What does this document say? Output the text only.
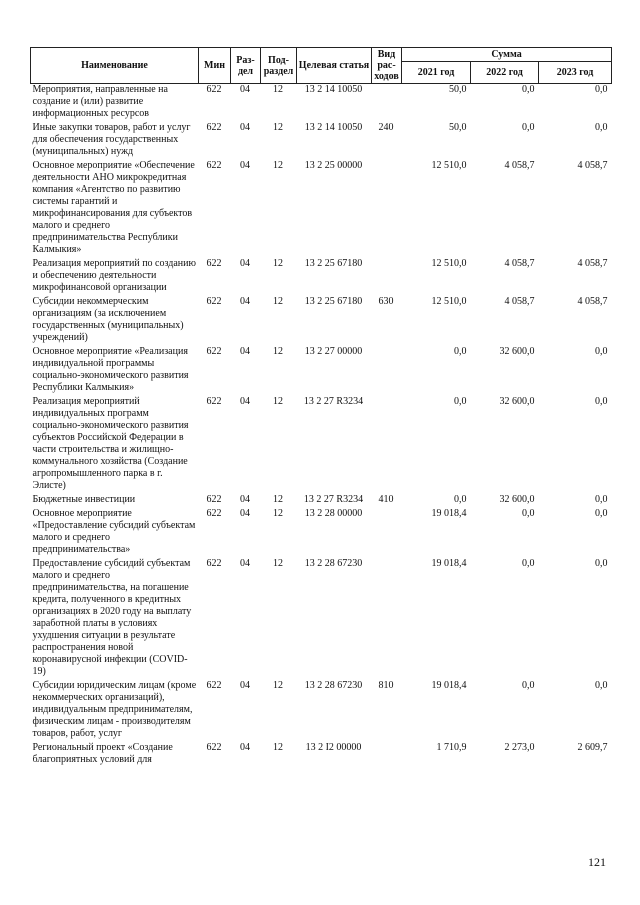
Наименование	Мин	Раз-дел	Под-раздел	Целевая статья	Вид рас-ходов	Сумма		
						2021 год	2022 год	2023 год
Мероприятия, направленные на создание и (или) развитие информационных ресурсов	622	04	12	13 2 14 10050		50,0	0,0	0,0
Иные закупки товаров, работ и услуг для обеспечения государственных (муниципальных) нужд	622	04	12	13 2 14 10050	240	50,0	0,0	0,0
Основное мероприятие «Обеспечение деятельности АНО микрокредитная компания «Агентство по развитию системы гарантий и микрофинансирования для субъектов малого и среднего предпринимательства Республики Калмыкия»	622	04	12	13 2 25 00000		12 510,0	4 058,7	4 058,7
Реализация мероприятий по созданию и обеспечению деятельности микрофинансовой организации	622	04	12	13 2 25 67180		12 510,0	4 058,7	4 058,7
Субсидии некоммерческим организациям (за исключением государственных (муниципальных) учреждений)	622	04	12	13 2 25 67180	630	12 510,0	4 058,7	4 058,7
Основное мероприятие «Реализация индивидуальной программы социально-экономического развития Республики Калмыкия»	622	04	12	13 2 27 00000		0,0	32 600,0	0,0
Реализация мероприятий индивидуальных программ социально-экономического развития субъектов Российской Федерации в части строительства и жилищно-коммунального хозяйства (Создание агропромышленного парка в г. Элисте)	622	04	12	13 2 27 R3234		0,0	32 600,0	0,0
Бюджетные инвестиции	622	04	12	13 2 27 R3234	410	0,0	32 600,0	0,0
Основное мероприятие «Предоставление субсидий субъектам малого и среднего предпринимательства»	622	04	12	13 2 28 00000		19 018,4	0,0	0,0
Предоставление субсидий субъектам малого и среднего предпринимательства, на погашение кредита, полученного в кредитных организациях в 2020 году на выплату заработной платы в условиях ухудшения ситуации в результате распространения новой коронавирусной инфекции (COVID-19)	622	04	12	13 2 28 67230		19 018,4	0,0	0,0
Субсидии юридическим лицам (кроме некоммерческих организаций), индивидуальным предпринимателям, физическим лицам - производителям товаров, работ, услуг	622	04	12	13 2 28 67230	810	19 018,4	0,0	0,0
Региональный проект «Создание благоприятных условий для	622	04	12	13 2 I2 00000		1 710,9	2 273,0	2 609,7
121
